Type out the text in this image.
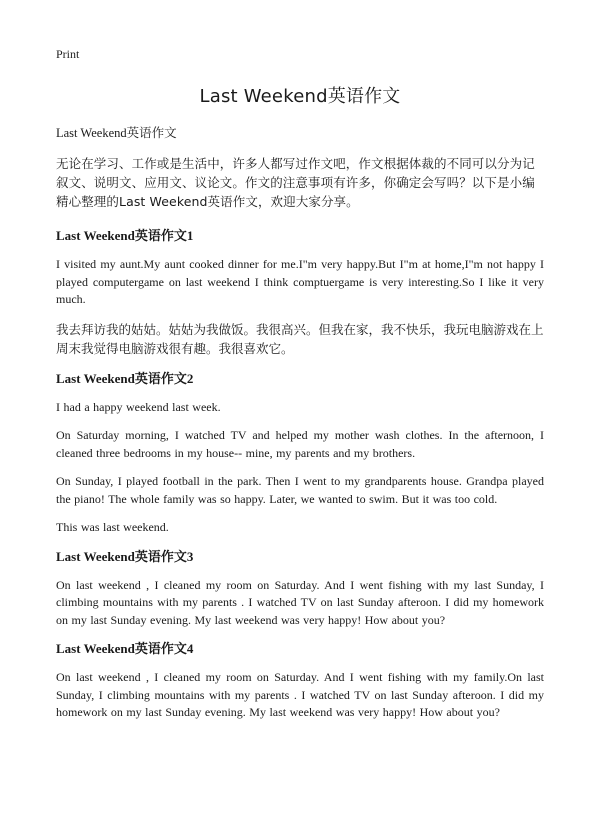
Print
Last Weekend英语作文
Last Weekend英语作文

无论在学习、工作或是生活中，许多人都写过作文吧，作文根据体裁的不同可以分为记叙文、说明文、应用文、议论文。作文的注意事项有许多，你确定会写吗？以下是小编精心整理的Last Weekend英语作文，欢迎大家分享。

Last Weekend英语作文1

I visited my aunt.My aunt cooked dinner for me.I"m very happy.But I"m at home,I"m not happy I played computergame on last weekend I think comptuergame is very interesting.So I like it very much.

我去拜访我的姑姑。姑姑为我做饭。我很高兴。但我在家，我不快乐，我玩电脑游戏在上周末我觉得电脑游戏很有趣。我很喜欢它。

Last Weekend英语作文2

I had a happy weekend last week.

On Saturday morning, I watched TV and helped my mother wash clothes. In the afternoon, I cleaned three bedrooms in my house-- mine, my parents and my brothers.

On Sunday, I played football in the park. Then I went to my grandparents house. Grandpa played the piano! The whole family was so happy. Later, we wanted to swim. But it was too cold.

This was last weekend.

Last Weekend英语作文3

On last weekend , I cleaned my room on Saturday. And I went fishing with my last Sunday, I climbing mountains with my parents . I watched TV on last Sunday afteroon. I did my homework on my last Sunday evening. My last weekend was very happy! How about you?

Last Weekend英语作文4

On last weekend , I cleaned my room on Saturday. And I went fishing with my family.On last Sunday, I climbing mountains with my parents . I watched TV on last Sunday afteroon. I did my homework on my last Sunday evening. My last weekend was very happy! How about you?
